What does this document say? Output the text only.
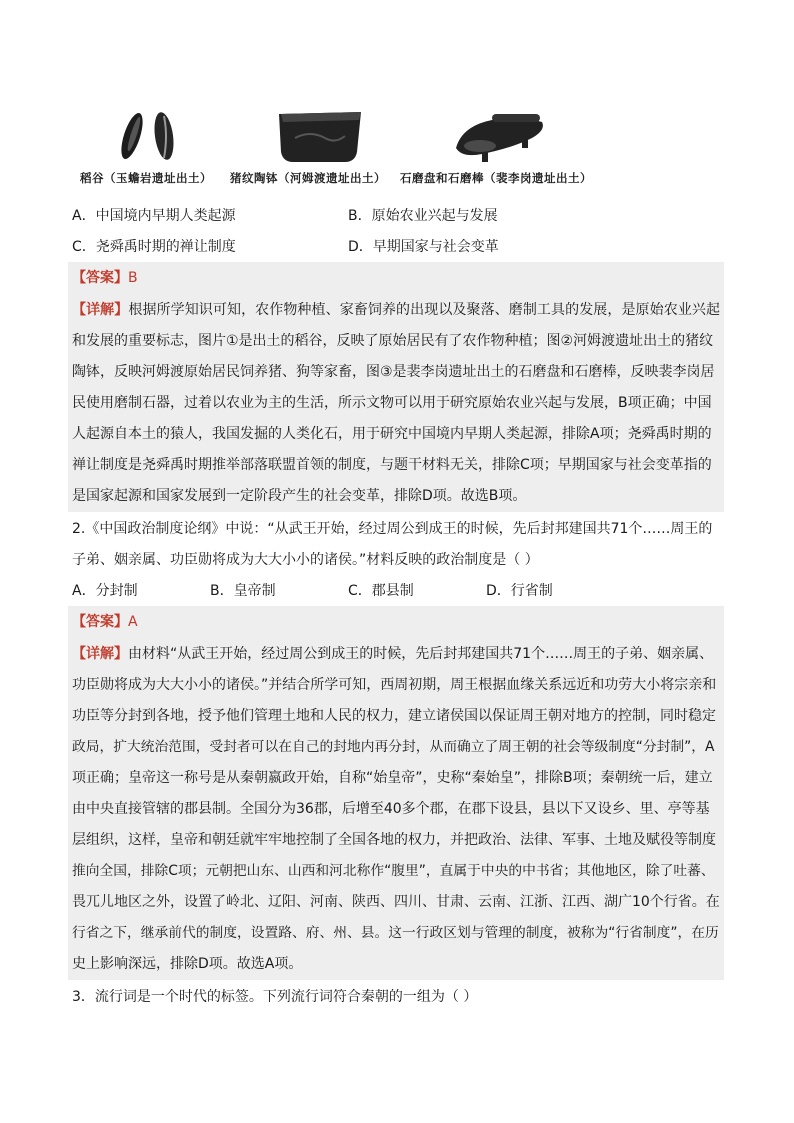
稻谷（玉蟾岩遗址出土） 猪纹陶钵（河姆渡遗址出土） 石磨盘和石磨棒（裴李岗遗址出土）
A．中国境内早期人类起源	B．原始农业兴起与发展
C．尧舜禹时期的禅让制度	D．早期国家与社会变革
【答案】B
【详解】根据所学知识可知，农作物种植、家畜饲养的出现以及聚落、磨制工具的发展，是原始农业兴起
和发展的重要标志，图片①是出土的稻谷，反映了原始居民有了农作物种植；图②河姆渡遗址出土的猪纹
陶钵，反映河姆渡原始居民饲养猪、狗等家畜，图③是裴李岗遗址出土的石磨盘和石磨棒，反映裴李岗居
民使用磨制石器，过着以农业为主的生活，所示文物可以用于研究原始农业兴起与发展，B项正确；中国
人起源自本土的猿人，我国发掘的人类化石，用于研究中国境内早期人类起源，排除A项；尧舜禹时期的
禅让制度是尧舜禹时期推举部落联盟首领的制度，与题干材料无关，排除C项；早期国家与社会变革指的
是国家起源和国家发展到一定阶段产生的社会变革，排除D项。故选B项。
2.《中国政治制度论纲》中说：“从武王开始，经过周公到成王的时候，先后封邦建国共71个……周王的
子弟、姻亲属、功臣勋将成为大大小小的诸侯。”材料反映的政治制度是（ ）
A．分封制	B．皇帝制	C．郡县制	D．行省制
【答案】A
【详解】由材料“从武王开始，经过周公到成王的时候，先后封邦建国共71个……周王的子弟、姻亲属、
功臣勋将成为大大小小的诸侯。”并结合所学可知，西周初期，周王根据血缘关系远近和功劳大小将宗亲和
功臣等分封到各地，授予他们管理土地和人民的权力，建立诸侯国以保证周王朝对地方的控制，同时稳定
政局，扩大统治范围，受封者可以在自己的封地内再分封，从而确立了周王朝的社会等级制度“分封制”，A
项正确；皇帝这一称号是从秦朝嬴政开始，自称“始皇帝”，史称“秦始皇”，排除B项；秦朝统一后，建立
由中央直接管辖的郡县制。全国分为36郡，后增至40多个郡，在郡下设县，县以下又设乡、里、亭等基
层组织，这样，皇帝和朝廷就牢牢地控制了全国各地的权力，并把政治、法律、军事、土地及赋役等制度
推向全国，排除C项；元朝把山东、山西和河北称作“腹里”，直属于中央的中书省；其他地区，除了吐蕃、
畏兀儿地区之外，设置了岭北、辽阳、河南、陕西、四川、甘肃、云南、江浙、江西、湖广10个行省。在
行省之下，继承前代的制度，设置路、府、州、县。这一行政区划与管理的制度，被称为“行省制度”，在历
史上影响深远，排除D项。故选A项。
3．流行词是一个时代的标签。下列流行词符合秦朝的一组为（ ）
